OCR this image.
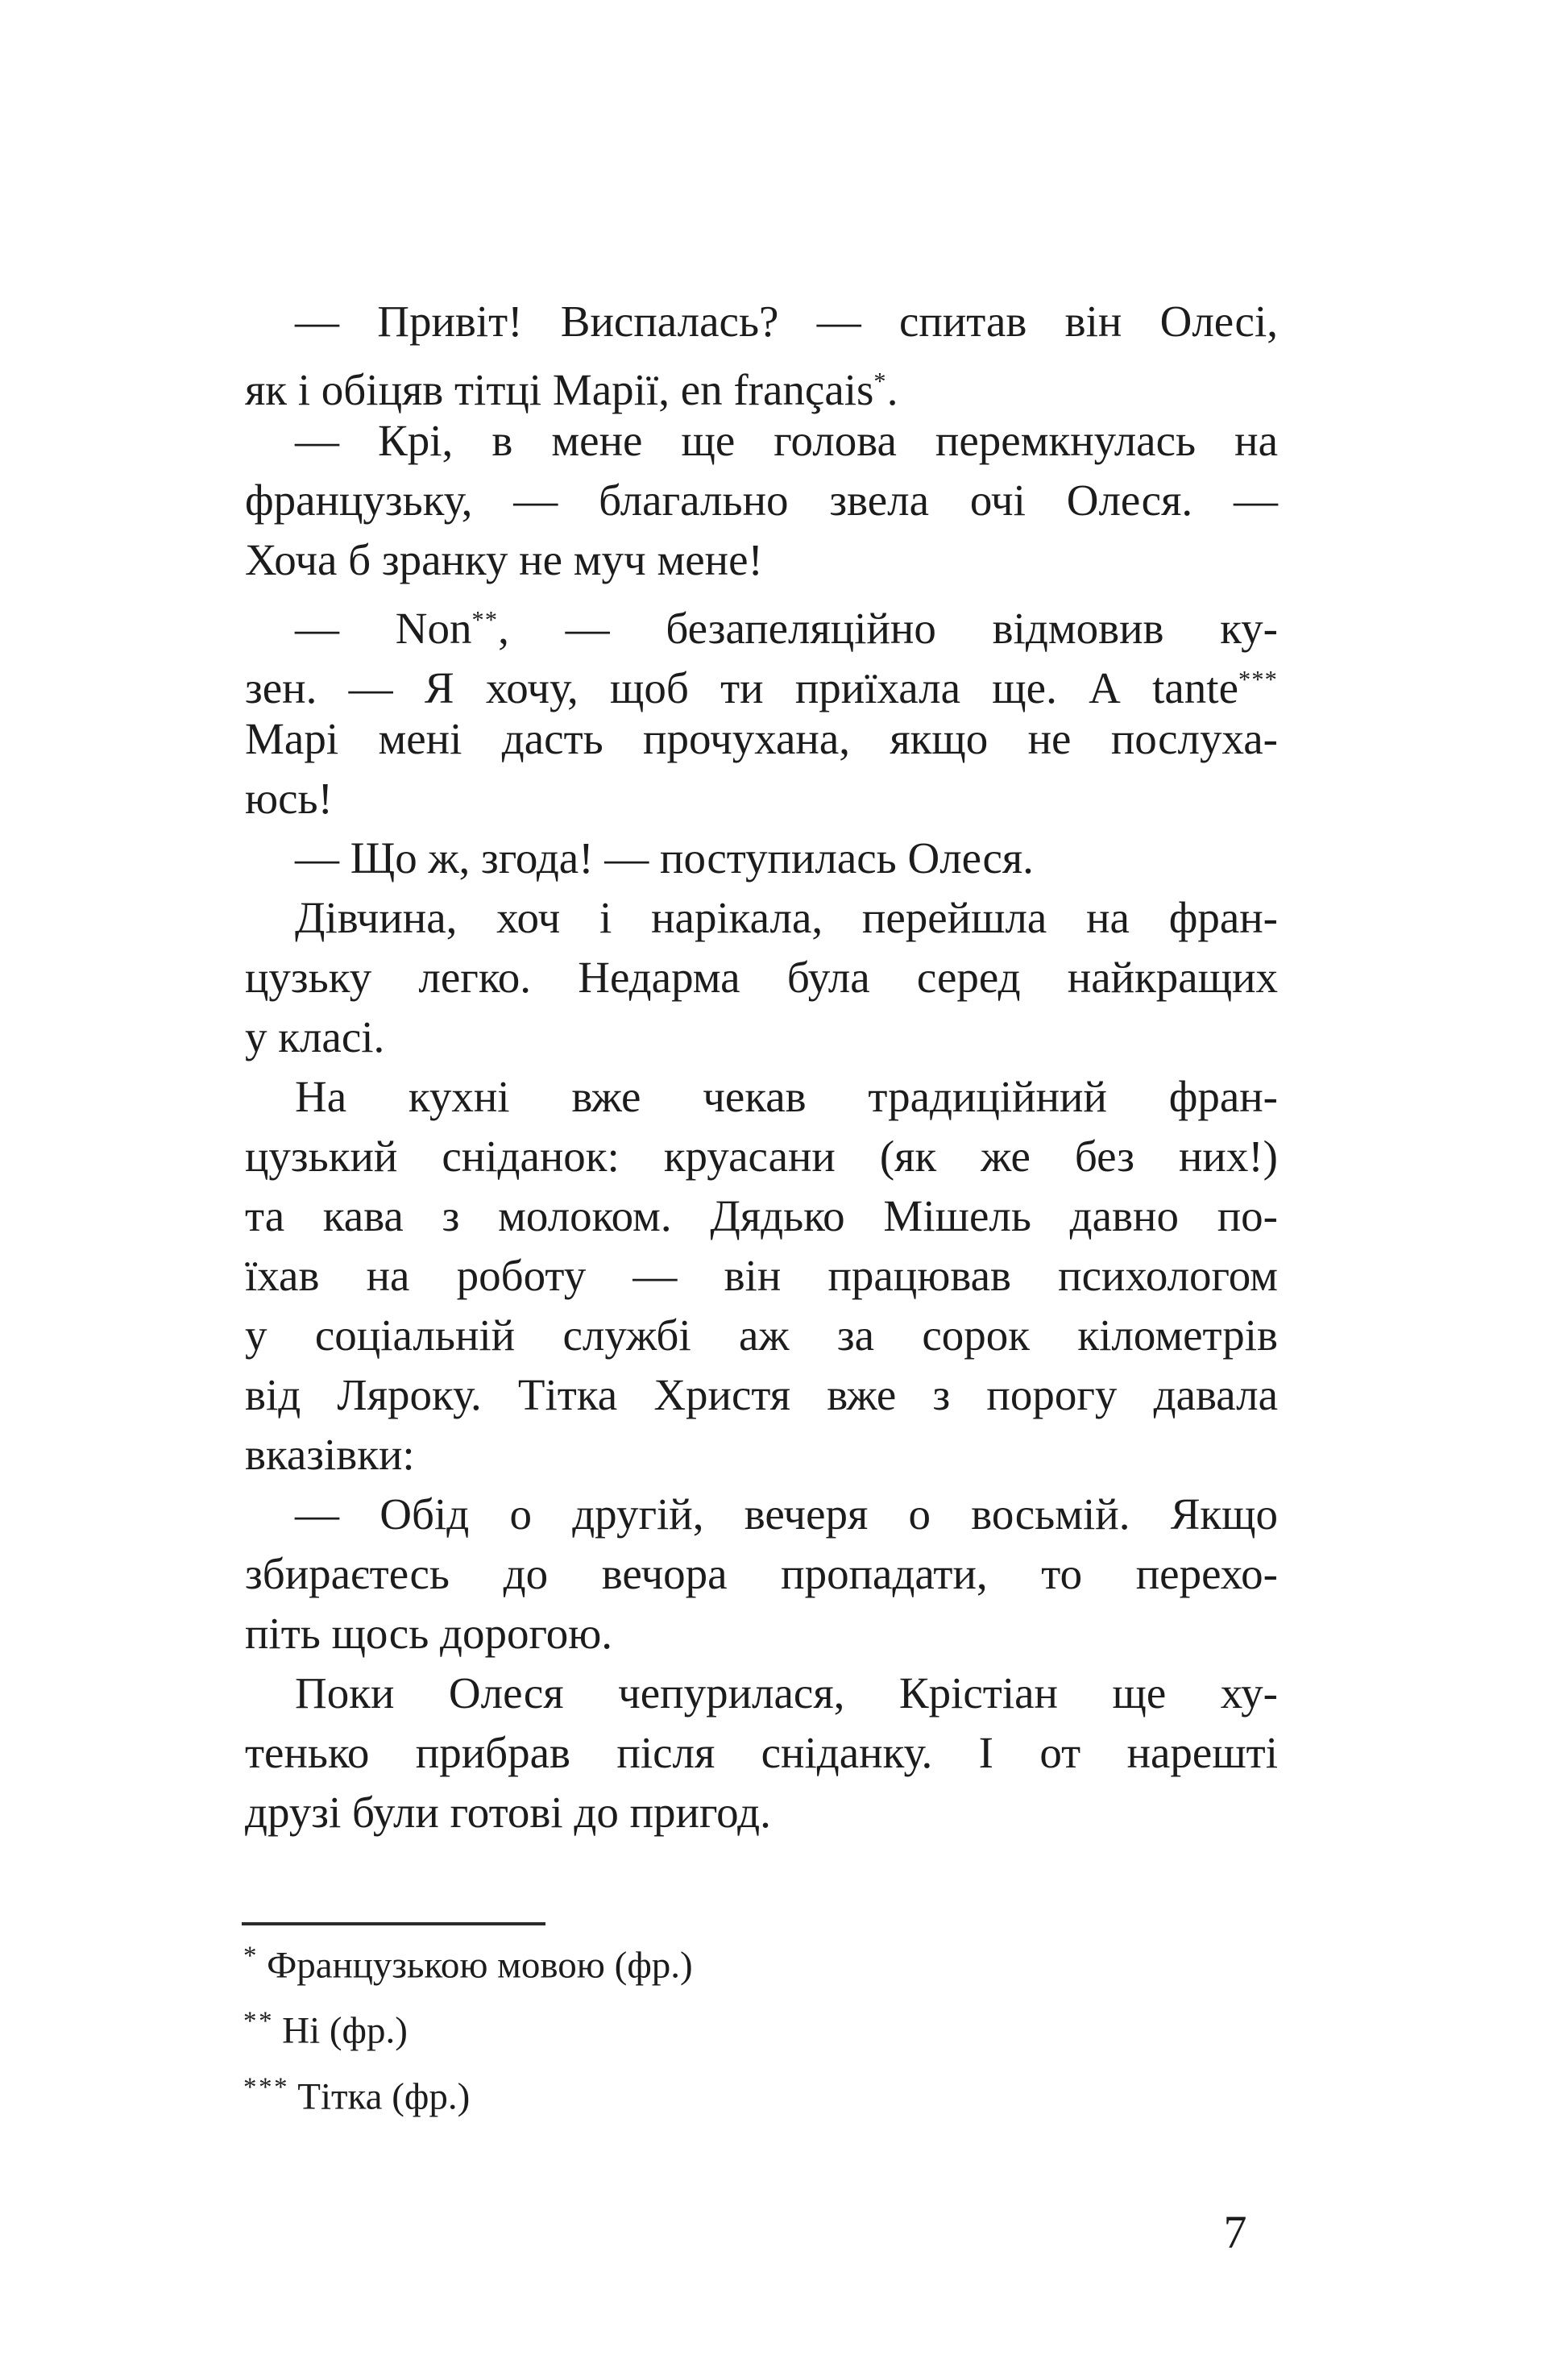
— Привіт! Виспалась? — спитав він Олесі,
як і обіцяв тітці Марії, en français*.
— Крі, в мене ще голова перемкнулась на
французьку, — благально звела очі Олеся. —
Хоча б зранку не муч мене!
— Non**, — безапеляційно відмовив ку-
зен. — Я хочу, щоб ти приїхала ще. А tante***
Марі мені дасть прочухана, якщо не послуха-
юсь!
— Що ж, згода! — поступилась Олеся.
Дівчина, хоч і нарікала, перейшла на фран-
цузьку легко. Недарма була серед найкращих
у класі.
На кухні вже чекав традиційний фран-
цузький сніданок: круасани (як же без них!)
та кава з молоком. Дядько Мішель давно по-
їхав на роботу — він працював психологом
у соціальній службі аж за сорок кілометрів
від Ляроку. Тітка Христя вже з порогу давала
вказівки:
— Обід о другій, вечеря о восьмій. Якщо
збираєтесь до вечора пропадати, то перехо-
піть щось дорогою.
Поки Олеся чепурилася, Крістіан ще ху-
тенько прибрав після сніданку. І от нарешті
друзі були готові до пригод.
* Французькою мовою (фр.)
** Ні (фр.)
*** Тітка (фр.)
7
